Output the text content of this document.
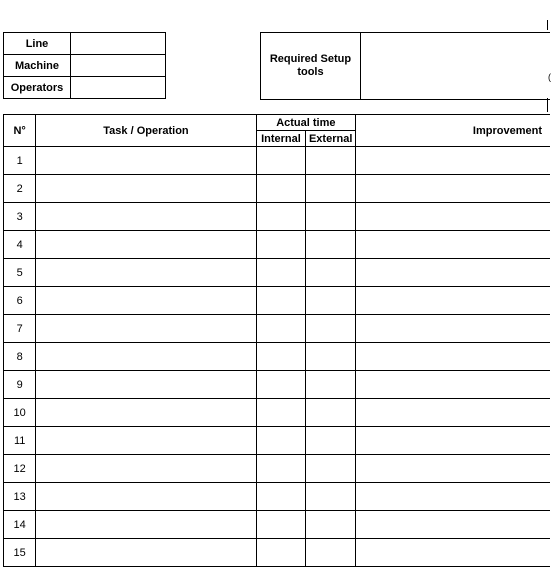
(
Line	
Machine	
Operators	
Required Setup tools	
N°	Task / Operation	Actual time		Improvement
		Internal	External	
1				
2				
3				
4				
5				
6				
7				
8				
9				
10				
11				
12				
13				
14				
15				
